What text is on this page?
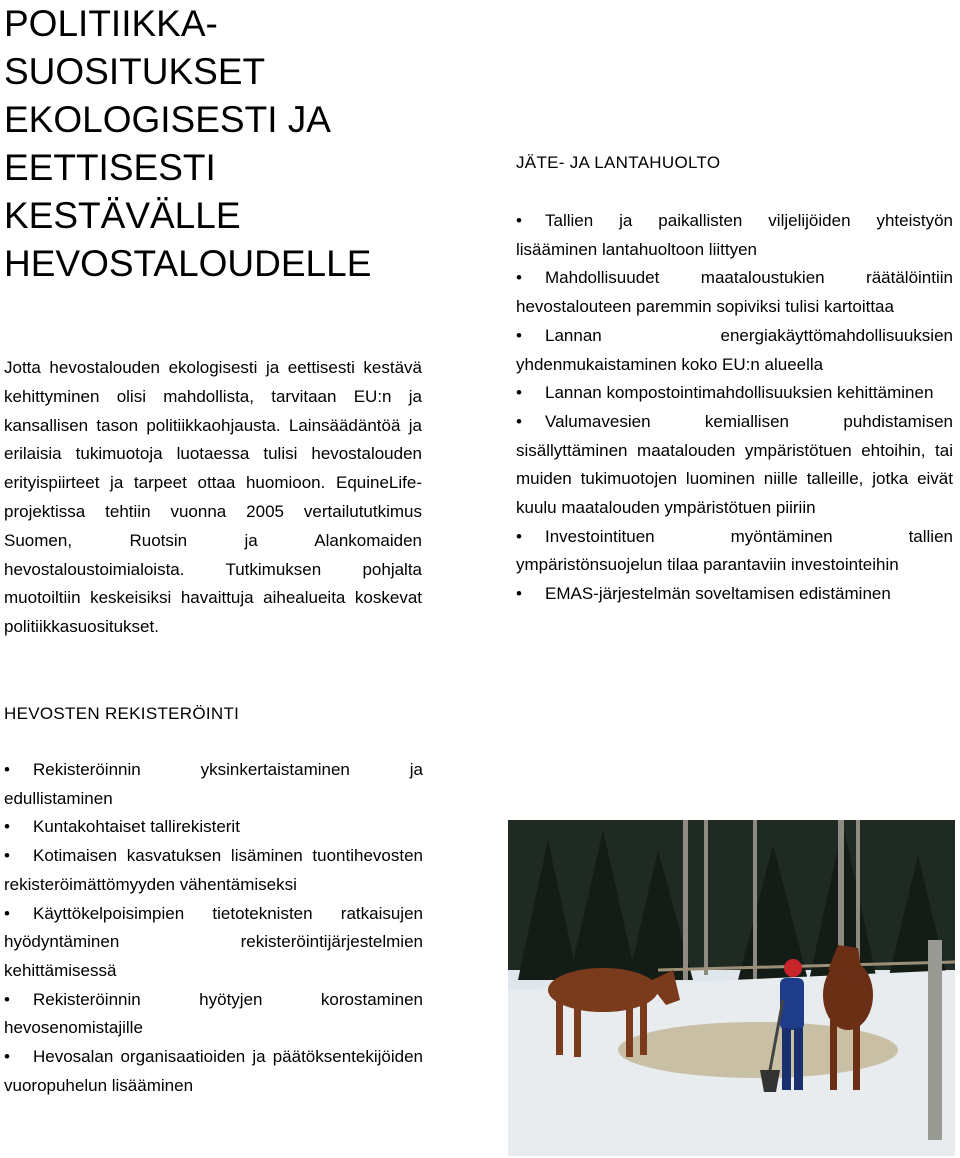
POLITIIKKA-
SUOSITUKSET
EKOLOGISESTI JA
EETTISESTI
KESTÄVÄLLE
HEVOSTALOUDELLE

Jotta hevostalouden ekologisesti ja eettisesti kestävä kehittyminen olisi mahdollista, tarvitaan EU:n ja kansallisen tason politiikkaohjausta. Lainsäädäntöä ja erilaisia tukimuotoja luotaessa tulisi hevostalouden erityispiirteet ja tarpeet ottaa huomioon. EquineLife-projektissa tehtiin vuonna 2005 vertailututkimus Suomen, Ruotsin ja Alankomaiden hevostaloustoimialoista. Tutkimuksen pohjalta muotoiltiin keskeisiksi havaittuja aihealueita koskevat politiikkasuositukset.

HEVOSTEN REKISTERÖINTI
• Rekisteröinnin yksinkertaistaminen ja edullistaminen
• Kuntakohtaiset tallirekisterit
• Kotimaisen kasvatuksen lisäminen tuontihevosten rekisteröimättömyyden vähentämiseksi
• Käyttökelpoisimpien tietoteknisten ratkaisujen hyödyntäminen rekisteröintijärjestelmien kehittämisessä
• Rekisteröinnin hyötyjen korostaminen hevosenomistajille
• Hevosalan organisaatioiden ja päätöksentekijöiden vuoropuhelun lisääminen
JÄTE- JA LANTAHUOLTO
• Tallien ja paikallisten viljelijöiden yhteistyön lisääminen lantahuoltoon liittyen
• Mahdollisuudet maataloustukien räätälöintiin hevostalouteen paremmin sopiviksi tulisi kartoittaa
• Lannan energiakäyttömahdollisuuksien yhdenmukaistaminen koko EU:n alueella
• Lannan kompostointimahdollisuuksien kehittäminen
• Valumavesien kemiallisen puhdistamisen sisällyttäminen maatalouden ympäristötuen ehtoihin, tai muiden tukimuotojen luominen niille talleille, jotka eivät kuulu maatalouden ympäristötuen piiriin
• Investointituen myöntäminen tallien ympäristönsuojelun tilaa parantaviin investointeihin
• EMAS-järjestelmän soveltamisen edistäminen
